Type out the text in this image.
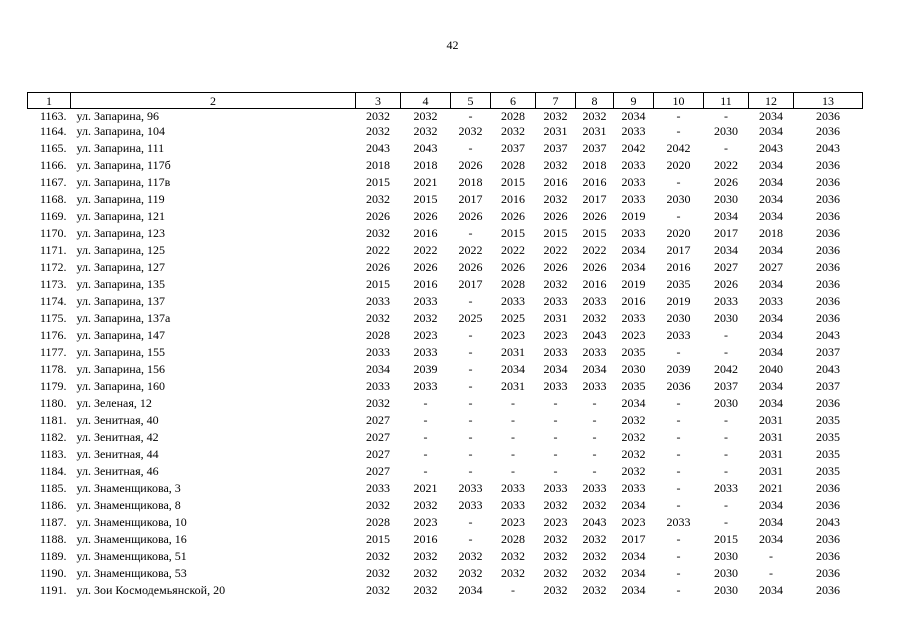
42
1	2	3	4	5	6	7	8	9	10	11	12	13
1163.	ул. Запарина, 96	2032	2032	-	2028	2032	2032	2034	-	-	2034	2036
1164.	ул. Запарина, 104	2032	2032	2032	2032	2031	2031	2033	-	2030	2034	2036
1165.	ул. Запарина, 111	2043	2043	-	2037	2037	2037	2042	2042	-	2043	2043
1166.	ул. Запарина, 117б	2018	2018	2026	2028	2032	2018	2033	2020	2022	2034	2036
1167.	ул. Запарина, 117в	2015	2021	2018	2015	2016	2016	2033	-	2026	2034	2036
1168.	ул. Запарина, 119	2032	2015	2017	2016	2032	2017	2033	2030	2030	2034	2036
1169.	ул. Запарина, 121	2026	2026	2026	2026	2026	2026	2019	-	2034	2034	2036
1170.	ул. Запарина, 123	2032	2016	-	2015	2015	2015	2033	2020	2017	2018	2036
1171.	ул. Запарина, 125	2022	2022	2022	2022	2022	2022	2034	2017	2034	2034	2036
1172.	ул. Запарина, 127	2026	2026	2026	2026	2026	2026	2034	2016	2027	2027	2036
1173.	ул. Запарина, 135	2015	2016	2017	2028	2032	2016	2019	2035	2026	2034	2036
1174.	ул. Запарина, 137	2033	2033	-	2033	2033	2033	2016	2019	2033	2033	2036
1175.	ул. Запарина, 137а	2032	2032	2025	2025	2031	2032	2033	2030	2030	2034	2036
1176.	ул. Запарина, 147	2028	2023	-	2023	2023	2043	2023	2033	-	2034	2043
1177.	ул. Запарина, 155	2033	2033	-	2031	2033	2033	2035	-	-	2034	2037
1178.	ул. Запарина, 156	2034	2039	-	2034	2034	2034	2030	2039	2042	2040	2043
1179.	ул. Запарина, 160	2033	2033	-	2031	2033	2033	2035	2036	2037	2034	2037
1180.	ул. Зеленая, 12	2032	-	-	-	-	-	2034	-	2030	2034	2036
1181.	ул. Зенитная, 40	2027	-	-	-	-	-	2032	-	-	2031	2035
1182.	ул. Зенитная, 42	2027	-	-	-	-	-	2032	-	-	2031	2035
1183.	ул. Зенитная, 44	2027	-	-	-	-	-	2032	-	-	2031	2035
1184.	ул. Зенитная, 46	2027	-	-	-	-	-	2032	-	-	2031	2035
1185.	ул. Знаменщикова, 3	2033	2021	2033	2033	2033	2033	2033	-	2033	2021	2036
1186.	ул. Знаменщикова, 8	2032	2032	2033	2033	2032	2032	2034	-	-	2034	2036
1187.	ул. Знаменщикова, 10	2028	2023	-	2023	2023	2043	2023	2033	-	2034	2043
1188.	ул. Знаменщикова, 16	2015	2016	-	2028	2032	2032	2017	-	2015	2034	2036
1189.	ул. Знаменщикова, 51	2032	2032	2032	2032	2032	2032	2034	-	2030	-	2036
1190.	ул. Знаменщикова, 53	2032	2032	2032	2032	2032	2032	2034	-	2030	-	2036
1191.	ул. Зои Космодемьянской, 20	2032	2032	2034	-	2032	2032	2034	-	2030	2034	2036
